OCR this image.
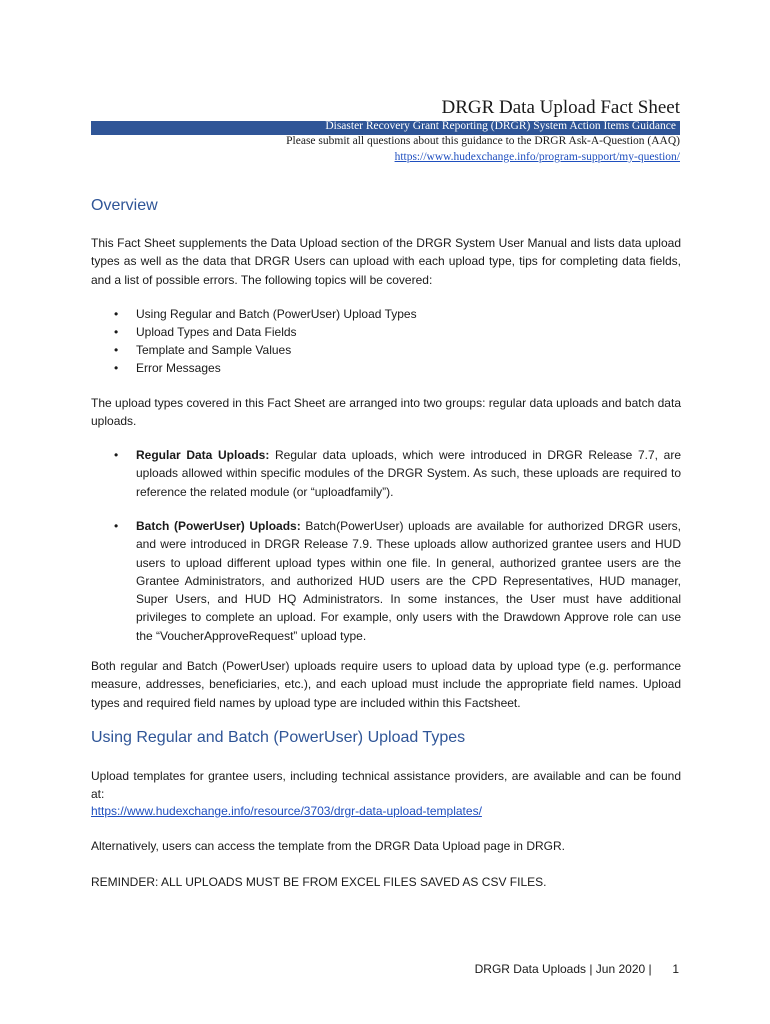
DRGR Data Upload Fact Sheet
Disaster Recovery Grant Reporting (DRGR) System Action Items Guidance
Please submit all questions about this guidance to the DRGR Ask-A-Question (AAQ)
https://www.hudexchange.info/program-support/my-question/
Overview

This Fact Sheet supplements the Data Upload section of the DRGR System User Manual and lists data upload types as well as the data that DRGR Users can upload with each upload type, tips for completing data fields, and a list of possible errors. The following topics will be covered:

• Using Regular and Batch (PowerUser) Upload Types
• Upload Types and Data Fields
• Template and Sample Values
• Error Messages

The upload types covered in this Fact Sheet are arranged into two groups: regular data uploads and batch data uploads.

• Regular Data Uploads: Regular data uploads, which were introduced in DRGR Release 7.7, are uploads allowed within specific modules of the DRGR System. As such, these uploads are required to reference the related module (or “uploadfamily”).

• Batch (PowerUser) Uploads: Batch(PowerUser) uploads are available for authorized DRGR users, and were introduced in DRGR Release 7.9. These uploads allow authorized grantee users and HUD users to upload different upload types within one file. In general, authorized grantee users are the Grantee Administrators, and authorized HUD users are the CPD Representatives, HUD manager, Super Users, and HUD HQ Administrators. In some instances, the User must have additional privileges to complete an upload. For example, only users with the Drawdown Approve role can use the “VoucherApproveRequest” upload type.

Both regular and Batch (PowerUser) uploads require users to upload data by upload type (e.g. performance measure, addresses, beneficiaries, etc.), and each upload must include the appropriate field names. Upload types and required field names by upload type are included within this Factsheet.

Using Regular and Batch (PowerUser) Upload Types

Upload templates for grantee users, including technical assistance providers, are available and can be found at:

https://www.hudexchange.info/resource/3703/drgr-data-upload-templates/

Alternatively, users can access the template from the DRGR Data Upload page in DRGR.

REMINDER: ALL UPLOADS MUST BE FROM EXCEL FILES SAVED AS CSV FILES.

DRGR Data Uploads | Jun 2020 | 1
